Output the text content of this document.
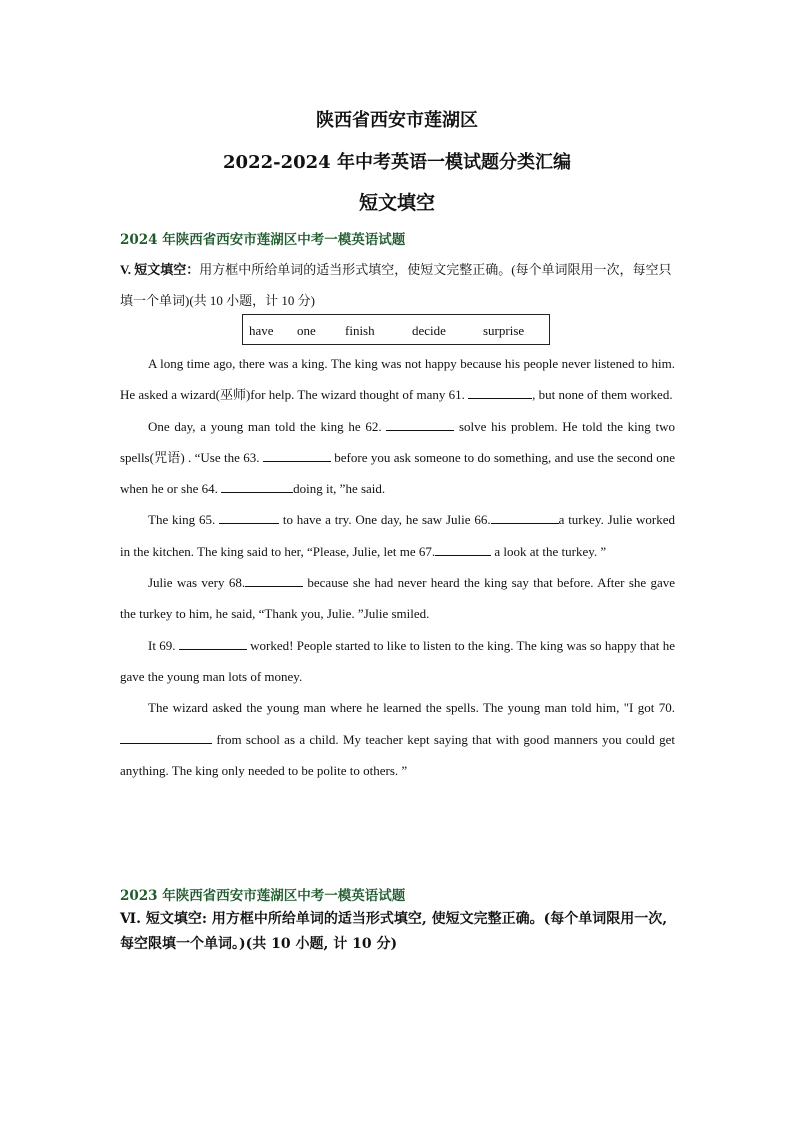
陕西省西安市莲湖区
2022-2024 年中考英语一模试题分类汇编
短文填空
2024 年陕西省西安市莲湖区中考一模英语试题
V. 短文填空：用方框中所给单词的适当形式填空，使短文完整正确。(每个单词限用一次，每空只填一个单词)(共 10 小题，计 10 分)
have one finish	decide	surprise

A long time ago, there was a king. The king was not happy because his people never listened to him. He asked a wizard(巫师)for help. The wizard thought of many 61.	, but none of them worked.

One day, a young man told the king he 62.	solve his problem. He told the king two spells(咒语) . “Use the 63.	before you ask someone to do something, and use the second one when he or she 64.	doing it, ”he said.

The king 65.	to have a try. One day, he saw Julie 66.	a turkey. Julie worked in the kitchen. The king said to her, “Please, Julie, let me 67.	a look at the turkey. ”

Julie was very 68.	because she had never heard the king say that before. After she gave the turkey to him, he said, “Thank you, Julie. ”Julie smiled.

It 69.	worked! People started to like to listen to the king. The king was so happy that he gave the young man lots of money.

The wizard asked the young man where he learned the spells. The young man told him, "I got 70. from school as a child. My teacher kept saying that with good manners you could get anything. The king only needed to be polite to others. ”

2023 年陕西省西安市莲湖区中考一模英语试题
Ⅵ. 短文填空: 用方框中所给单词的适当形式填空, 使短文完整正确。(每个单词限用一次, 每空限填一个单词。)(共 10 小题, 计 10 分)
